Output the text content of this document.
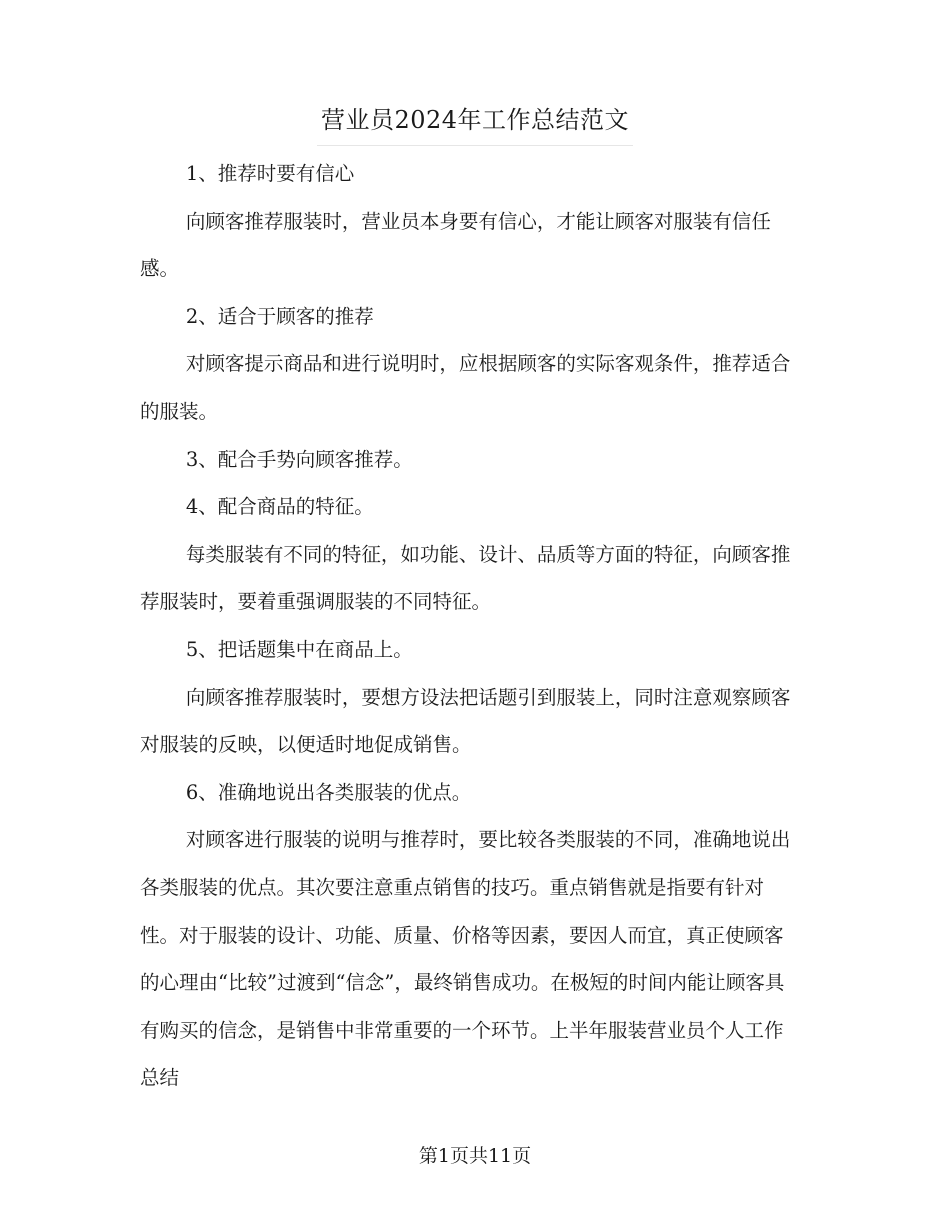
营业员2024年工作总结范文

1、推荐时要有信心

向顾客推荐服装时，营业员本身要有信心，才能让顾客对服装有信任感。

2、适合于顾客的推荐

对顾客提示商品和进行说明时，应根据顾客的实际客观条件，推荐适合的服装。

3、配合手势向顾客推荐。

4、配合商品的特征。

每类服装有不同的特征，如功能、设计、品质等方面的特征，向顾客推荐服装时，要着重强调服装的不同特征。

5、把话题集中在商品上。

向顾客推荐服装时，要想方设法把话题引到服装上，同时注意观察顾客对服装的反映，以便适时地促成销售。

6、准确地说出各类服装的优点。

对顾客进行服装的说明与推荐时，要比较各类服装的不同，准确地说出各类服装的优点。其次要注意重点销售的技巧。重点销售就是指要有针对性。对于服装的设计、功能、质量、价格等因素，要因人而宜，真正使顾客的心理由“比较”过渡到“信念”，最终销售成功。在极短的时间内能让顾客具有购买的信念，是销售中非常重要的一个环节。上半年服装营业员个人工作总结

第1页共11页
